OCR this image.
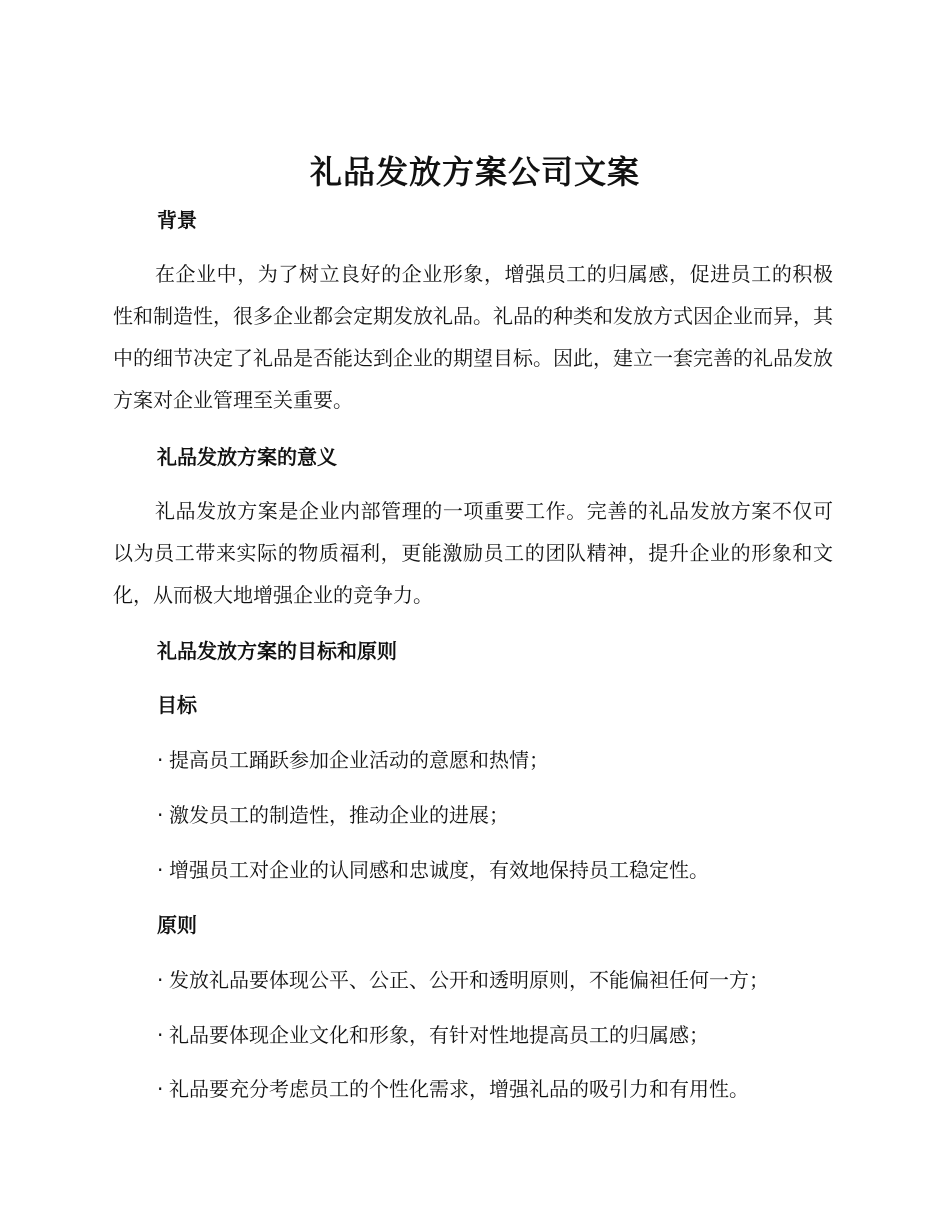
礼品发放方案公司文案
背景

在企业中，为了树立良好的企业形象，增强员工的归属感，促进员工的积极性和制造性，很多企业都会定期发放礼品。礼品的种类和发放方式因企业而异，其中的细节决定了礼品是否能达到企业的期望目标。因此，建立一套完善的礼品发放方案对企业管理至关重要。

礼品发放方案的意义

礼品发放方案是企业内部管理的一项重要工作。完善的礼品发放方案不仅可以为员工带来实际的物质福利，更能激励员工的团队精神，提升企业的形象和文化，从而极大地增强企业的竞争力。

礼品发放方案的目标和原则
目标
· 提高员工踊跃参加企业活动的意愿和热情；
· 激发员工的制造性，推动企业的进展；
· 增强员工对企业的认同感和忠诚度，有效地保持员工稳定性。
原则
· 发放礼品要体现公平、公正、公开和透明原则，不能偏袒任何一方；
· 礼品要体现企业文化和形象，有针对性地提高员工的归属感；
· 礼品要充分考虑员工的个性化需求，增强礼品的吸引力和有用性。
